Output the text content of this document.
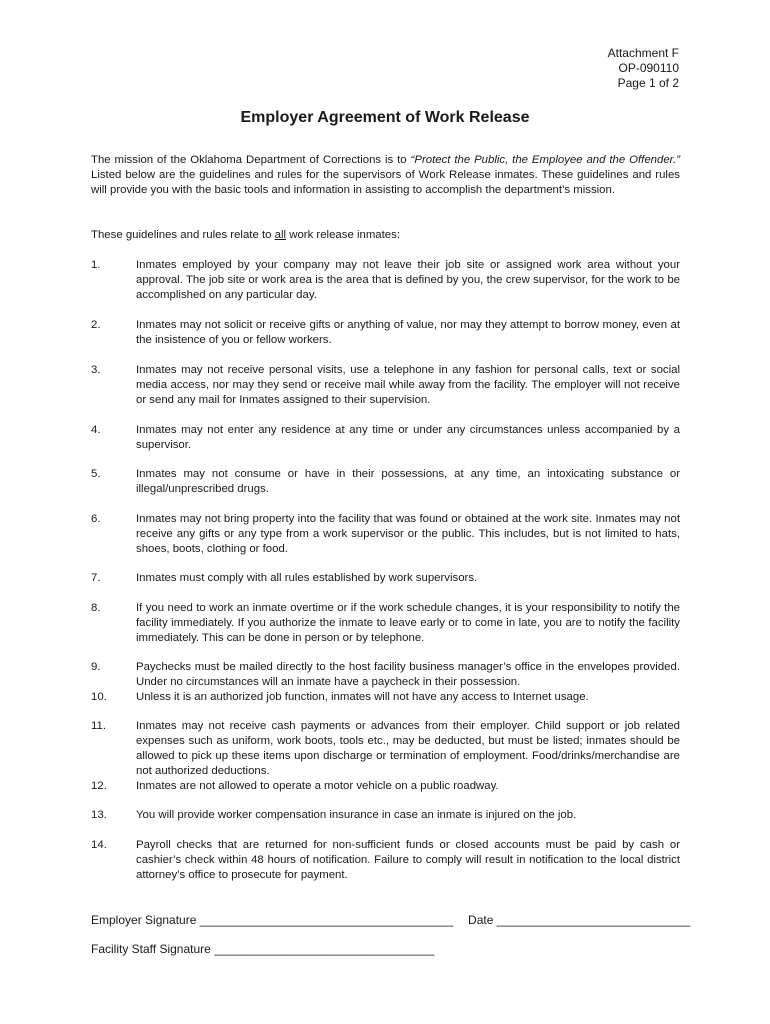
Attachment F
OP-090110
Page 1 of 2
Employer Agreement of Work Release
The mission of the Oklahoma Department of Corrections is to “Protect the Public, the Employee and the Offender.” Listed below are the guidelines and rules for the supervisors of Work Release inmates. These guidelines and rules will provide you with the basic tools and information in assisting to accomplish the department’s mission.
These guidelines and rules relate to all work release inmates:
1.	Inmates employed by your company may not leave their job site or assigned work area without your approval. The job site or work area is the area that is defined by you, the crew supervisor, for the work to be accomplished on any particular day.
2.	Inmates may not solicit or receive gifts or anything of value, nor may they attempt to borrow money, even at the insistence of you or fellow workers.
3.	Inmates may not receive personal visits, use a telephone in any fashion for personal calls, text or social media access, nor may they send or receive mail while away from the facility. The employer will not receive or send any mail for Inmates assigned to their supervision.
4.	Inmates may not enter any residence at any time or under any circumstances unless accompanied by a supervisor.
5.	Inmates may not consume or have in their possessions, at any time, an intoxicating substance or illegal/unprescribed drugs.
6.	Inmates may not bring property into the facility that was found or obtained at the work site. Inmates may not receive any gifts or any type from a work supervisor or the public. This includes, but is not limited to hats, shoes, boots, clothing or food.
7.	Inmates must comply with all rules established by work supervisors.
8.	If you need to work an inmate overtime or if the work schedule changes, it is your responsibility to notify the facility immediately. If you authorize the inmate to leave early or to come in late, you are to notify the facility immediately. This can be done in person or by telephone.
9.	Paychecks must be mailed directly to the host facility business manager’s office in the envelopes provided. Under no circumstances will an inmate have a paycheck in their possession.
10.	Unless it is an authorized job function, inmates will not have any access to Internet usage.
11.	Inmates may not receive cash payments or advances from their employer. Child support or job related expenses such as uniform, work boots, tools etc., may be deducted, but must be listed; inmates should be allowed to pick up these items upon discharge or termination of employment. Food/drinks/merchandise are not authorized deductions.
12.	Inmates are not allowed to operate a motor vehicle on a public roadway.
13.	You will provide worker compensation insurance in case an inmate is injured on the job.
14.	Payroll checks that are returned for non-sufficient funds or closed accounts must be paid by cash or cashier’s check within 48 hours of notification. Failure to comply will result in notification to the local district attorney’s office to prosecute for payment.
Employer Signature ______________________________________ Date _____________________________
Facility Staff Signature _________________________________
